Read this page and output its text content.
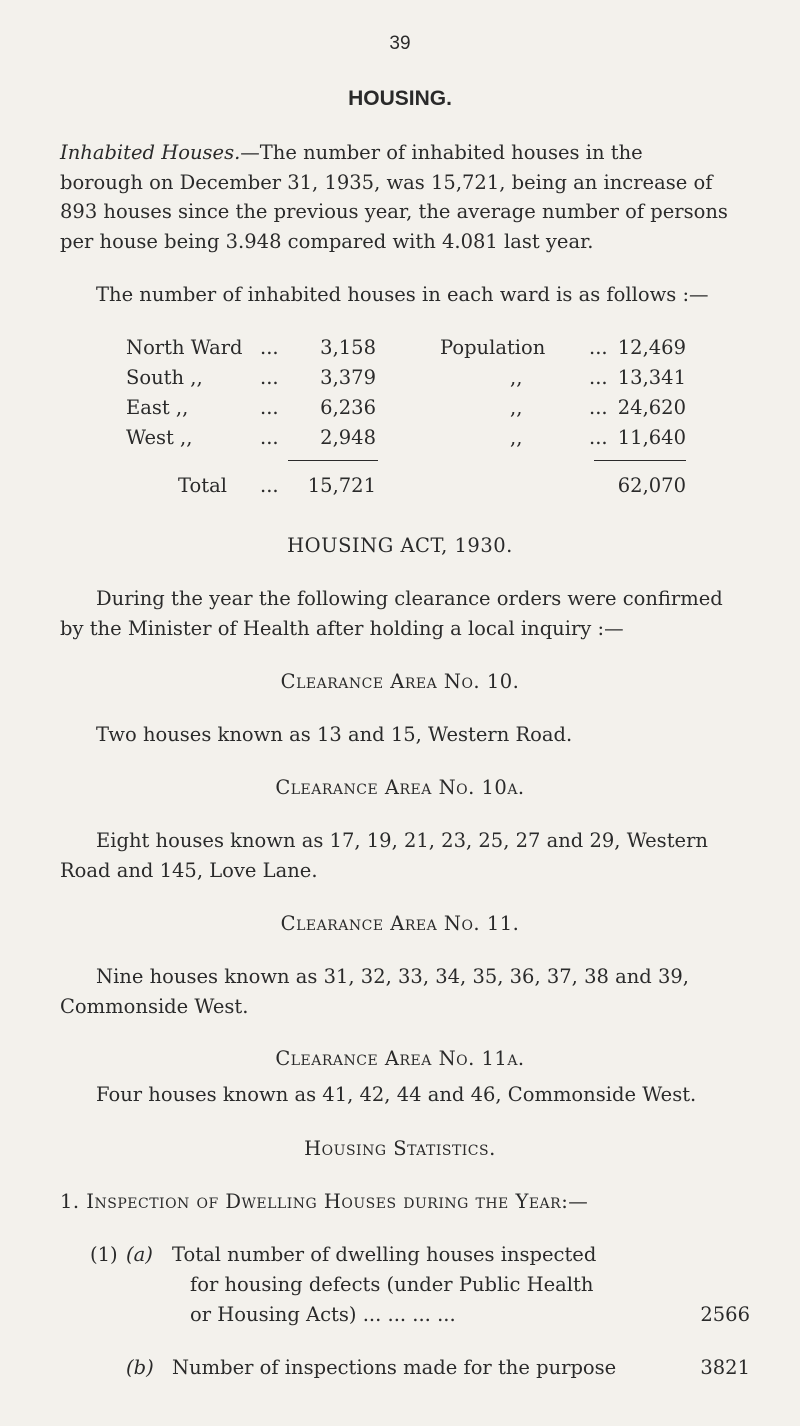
39
HOUSING.
Inhabited Houses.—The number of inhabited houses in the
borough on December 31, 1935, was 15,721, being an increase of
893 houses since the previous year, the average number of persons
per house being 3.948 compared with 4.081 last year.
The number of inhabited houses in each ward is as follows :—
North Ward ...	3,158	Population ... 12,469
South ,,	...	3,379	,,	... 13,341
East ,,	...	6,236	,,	... 24,620
West ,,	...	2,948	,,	... 11,640
Total ...	15,721	62,070
HOUSING ACT, 1930.
During the year the following clearance orders were confirmed
by the Minister of Health after holding a local inquiry :—
Clearance Area No. 10.
Two houses known as 13 and 15, Western Road.
Clearance Area No. 10a.
Eight houses known as 17, 19, 21, 23, 25, 27 and 29, Western
Road and 145, Love Lane.
Clearance Area No. 11.
Nine houses known as 31, 32, 33, 34, 35, 36, 37, 38 and 39,
Commonside West.
Clearance Area No. 11a.
Four houses known as 41, 42, 44 and 46, Commonside West.
Housing Statistics.
1. Inspection of Dwelling Houses during the Year:—
(1) (a) Total number of dwelling houses inspected
for housing defects (under Public Health
or Housing Acts) ... ... ... ...	2566
(b) Number of inspections made for the purpose	3821
